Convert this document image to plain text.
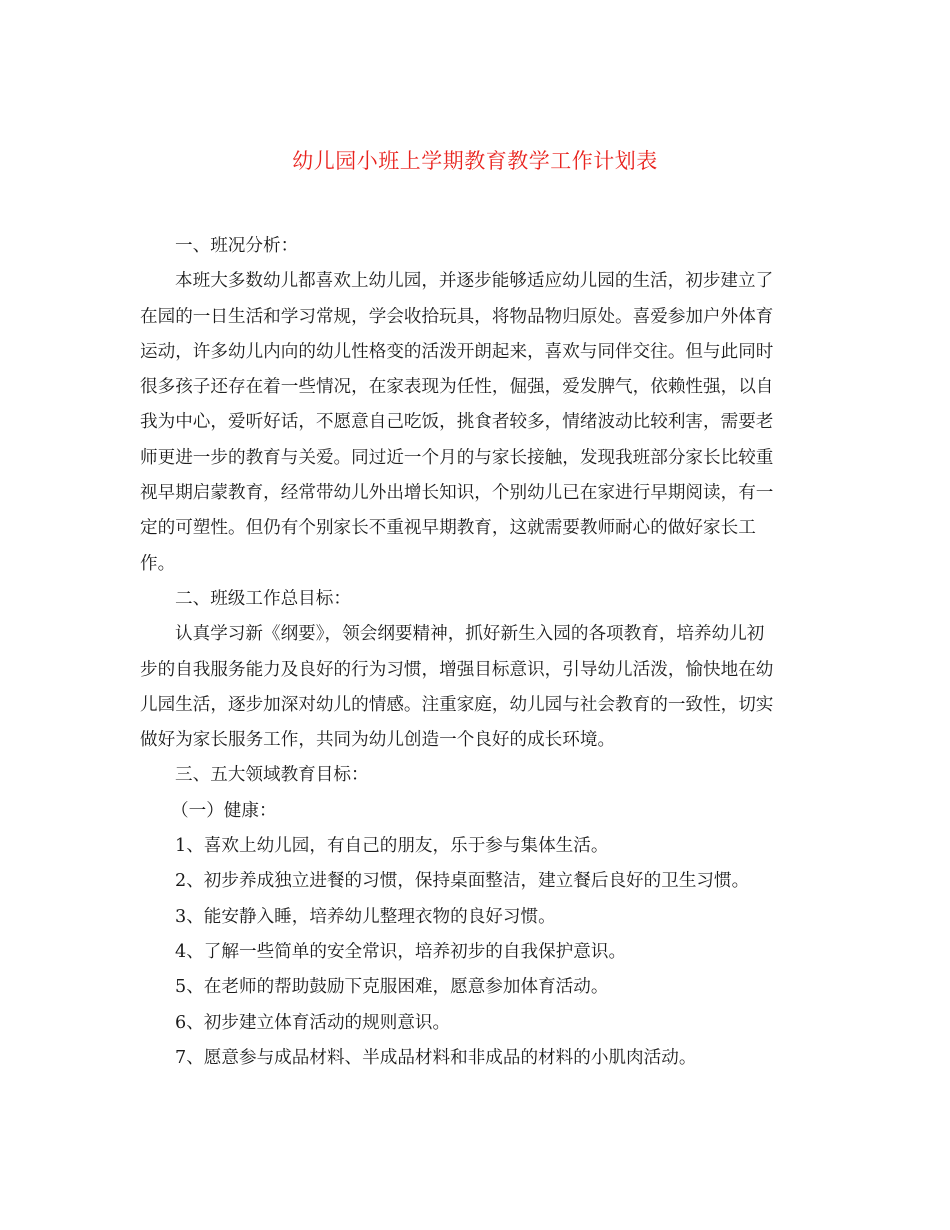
幼儿园小班上学期教育教学工作计划表
一、班况分析：
本班大多数幼儿都喜欢上幼儿园，并逐步能够适应幼儿园的生活，初步建立了
在园的一日生活和学习常规，学会收拾玩具，将物品物归原处。喜爱参加户外体育
运动，许多幼儿内向的幼儿性格变的活泼开朗起来，喜欢与同伴交往。但与此同时
很多孩子还存在着一些情况，在家表现为任性，倔强，爱发脾气，依赖性强，以自
我为中心，爱听好话，不愿意自己吃饭，挑食者较多，情绪波动比较利害，需要老
师更进一步的教育与关爱。同过近一个月的与家长接触，发现我班部分家长比较重
视早期启蒙教育，经常带幼儿外出增长知识，个别幼儿已在家进行早期阅读，有一
定的可塑性。但仍有个别家长不重视早期教育，这就需要教师耐心的做好家长工
作。
二、班级工作总目标：
认真学习新《纲要》，领会纲要精神，抓好新生入园的各项教育，培养幼儿初
步的自我服务能力及良好的行为习惯，增强目标意识，引导幼儿活泼，愉快地在幼
儿园生活，逐步加深对幼儿的情感。注重家庭，幼儿园与社会教育的一致性，切实
做好为家长服务工作，共同为幼儿创造一个良好的成长环境。
三、五大领域教育目标：
（一）健康：
1、喜欢上幼儿园，有自己的朋友，乐于参与集体生活。
2、初步养成独立进餐的习惯，保持桌面整洁，建立餐后良好的卫生习惯。
3、能安静入睡，培养幼儿整理衣物的良好习惯。
4、了解一些简单的安全常识，培养初步的自我保护意识。
5、在老师的帮助鼓励下克服困难，愿意参加体育活动。
6、初步建立体育活动的规则意识。
7、愿意参与成品材料、半成品材料和非成品的材料的小肌肉活动。
